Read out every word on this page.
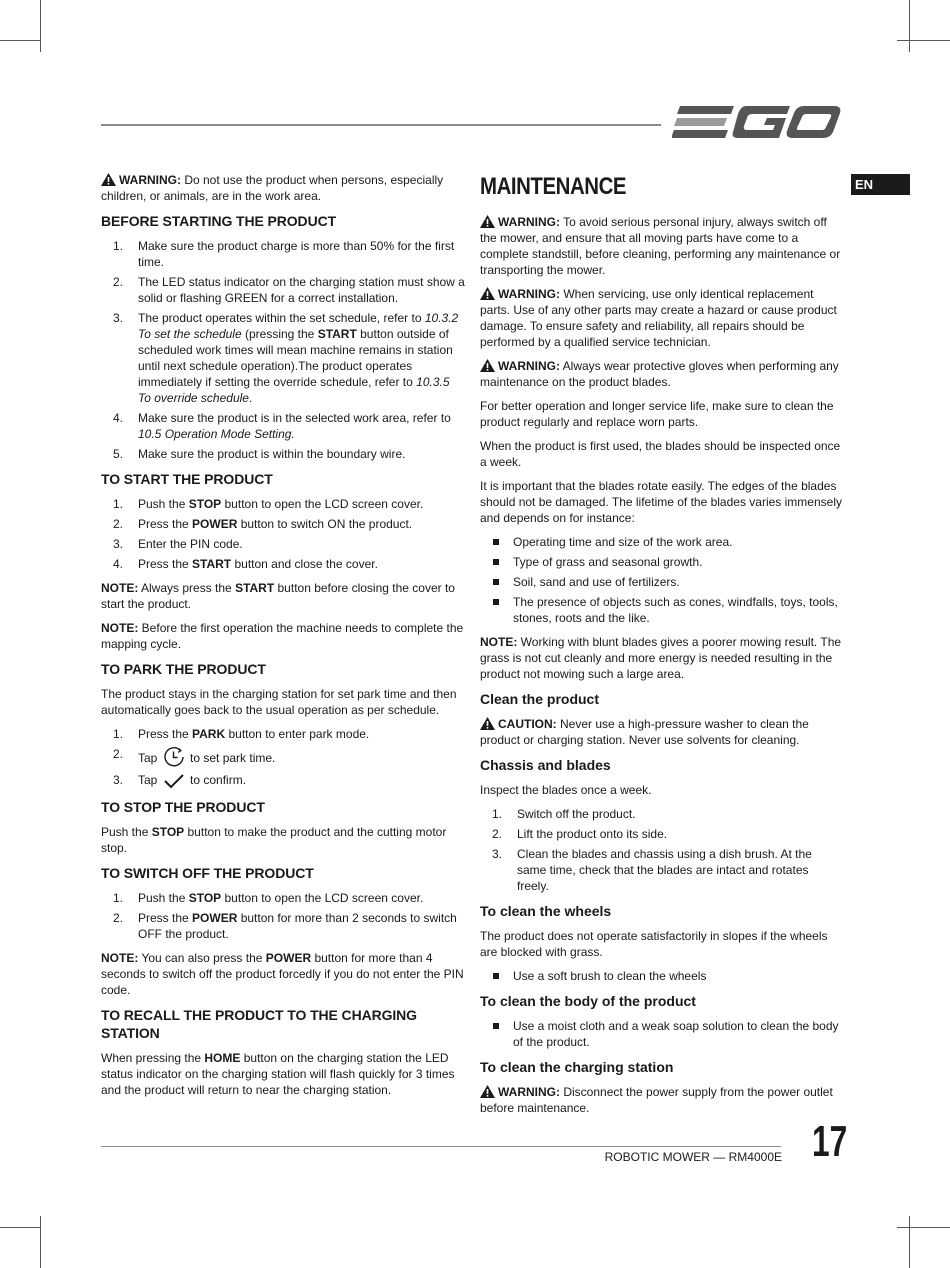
EN

WARNING: Do not use the product when persons, especially children, or animals, are in the work area.

BEFORE STARTING THE PRODUCT
1. Make sure the product charge is more than 50% for the first time.
2. The LED status indicator on the charging station must show a solid or flashing GREEN for a correct installation.
3. The product operates within the set schedule, refer to 10.3.2 To set the schedule (pressing the START button outside of scheduled work times will mean machine remains in station until next schedule operation).The product operates immediately if setting the override schedule, refer to 10.3.5 To override schedule.
4. Make sure the product is in the selected work area, refer to 10.5 Operation Mode Setting.
5. Make sure the product is within the boundary wire.
TO START THE PRODUCT
1. Push the STOP button to open the LCD screen cover.
2. Press the POWER button to switch ON the product.
3. Enter the PIN code.
4. Press the START button and close the cover.

NOTE: Always press the START button before closing the cover to start the product.

NOTE: Before the first operation the machine needs to complete the mapping cycle.

TO PARK THE PRODUCT

The product stays in the charging station for set park time and then automatically goes back to the usual operation as per schedule.

1. Press the PARK button to enter park mode.
2. Tap  to set park time.
3. Tap  to confirm.
TO STOP THE PRODUCT

Push the STOP button to make the product and the cutting motor stop.

TO SWITCH OFF THE PRODUCT
1. Push the STOP button to open the LCD screen cover.
2. Press the POWER button for more than 2 seconds to switch OFF the product.

NOTE: You can also press the POWER button for more than 4 seconds to switch off the product forcedly if you do not enter the PIN code.

TO RECALL THE PRODUCT TO THE CHARGING STATION

When pressing the HOME button on the charging station the LED status indicator on the charging station will flash quickly for 3 times and the product will return to near the charging station.

MAINTENANCE

WARNING: To avoid serious personal injury, always switch off the mower, and ensure that all moving parts have come to a complete standstill, before cleaning, performing any maintenance or transporting the mower.

WARNING: When servicing, use only identical replacement parts. Use of any other parts may create a hazard or cause product damage. To ensure safety and reliability, all repairs should be performed by a qualified service technician.

WARNING: Always wear protective gloves when performing any maintenance on the product blades.

For better operation and longer service life, make sure to clean the product regularly and replace worn parts.

When the product is first used, the blades should be inspected once a week.

It is important that the blades rotate easily. The edges of the blades should not be damaged. The lifetime of the blades varies immensely and depends on for instance:

Operating time and size of the work area.
Type of grass and seasonal growth.
Soil, sand and use of fertilizers.
The presence of objects such as cones, windfalls, toys, tools, stones, roots and the like.

NOTE: Working with blunt blades gives a poorer mowing result. The grass is not cut cleanly and more energy is needed resulting in the product not mowing such a large area.

Clean the product

CAUTION: Never use a high-pressure washer to clean the product or charging station. Never use solvents for cleaning.

Chassis and blades

Inspect the blades once a week.

1. Switch off the product.
2. Lift the product onto its side.
3. Clean the blades and chassis using a dish brush. At the same time, check that the blades are intact and rotates freely.
To clean the wheels

The product does not operate satisfactorily in slopes if the wheels are blocked with grass.

Use a soft brush to clean the wheels
To clean the body of the product
Use a moist cloth and a weak soap solution to clean the body of the product.
To clean the charging station

WARNING: Disconnect the power supply from the power outlet before maintenance.

ROBOTIC MOWER — RM4000E 17
